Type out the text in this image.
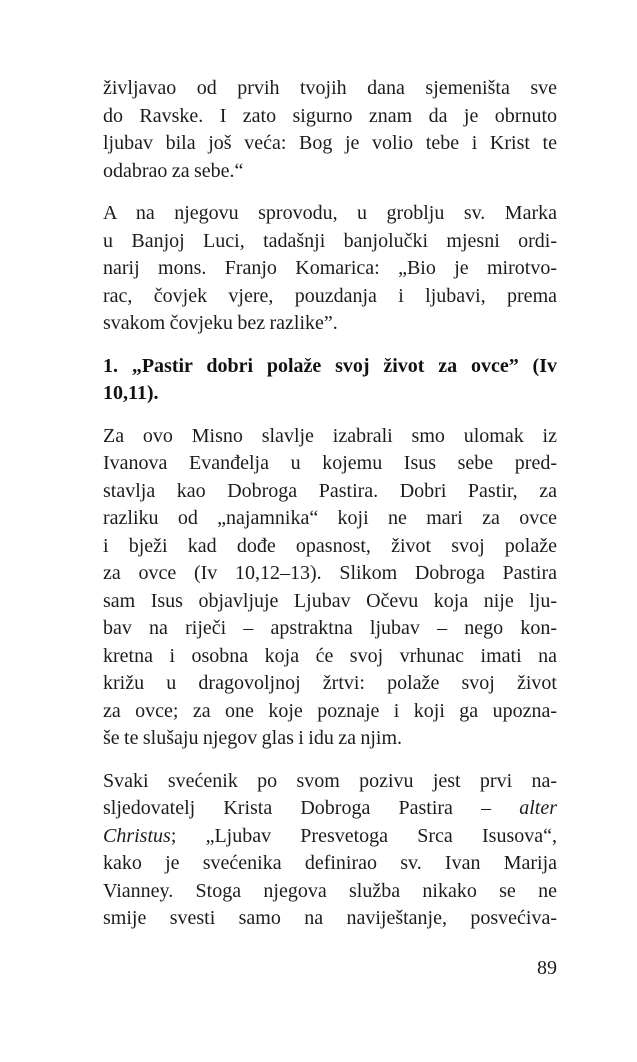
življavao od prvih tvojih dana sjemeništa sve
do Ravske. I zato sigurno znam da je obrnuto
ljubav bila još veća: Bog je volio tebe i Krist te
odabrao za sebe.“
A na njegovu sprovodu, u groblju sv. Marka
u Banjoj Luci, tadašnji banjolučki mjesni ordi-
narij mons. Franjo Komarica: „Bio je mirotvo-
rac, čovjek vjere, pouzdanja i ljubavi, prema
svakom čovjeku bez razlike”.
1. „Pastir dobri polaže svoj život za ovce” (Iv
10,11).
Za ovo Misno slavlje izabrali smo ulomak iz
Ivanova Evanđelja u kojemu Isus sebe pred-
stavlja kao Dobroga Pastira. Dobri Pastir, za
razliku od „najamnika“ koji ne mari za ovce
i bježi kad dođe opasnost, život svoj polaže
za ovce (Iv 10,12–13). Slikom Dobroga Pastira
sam Isus objavljuje Ljubav Očevu koja nije lju-
bav na riječi – apstraktna ljubav – nego kon-
kretna i osobna koja će svoj vrhunac imati na
križu u dragovoljnoj žrtvi: polaže svoj život
za ovce; za one koje poznaje i koji ga upozna-
še te slušaju njegov glas i idu za njim.
Svaki svećenik po svom pozivu jest prvi na-
sljedovatelj Krista Dobroga Pastira – alter
Christus; „Ljubav Presvetoga Srca Isusova“,
kako je svećenika definirao sv. Ivan Marija
Vianney. Stoga njegova služba nikako se ne
smije svesti samo na naviještanje, posvećiva-
89
